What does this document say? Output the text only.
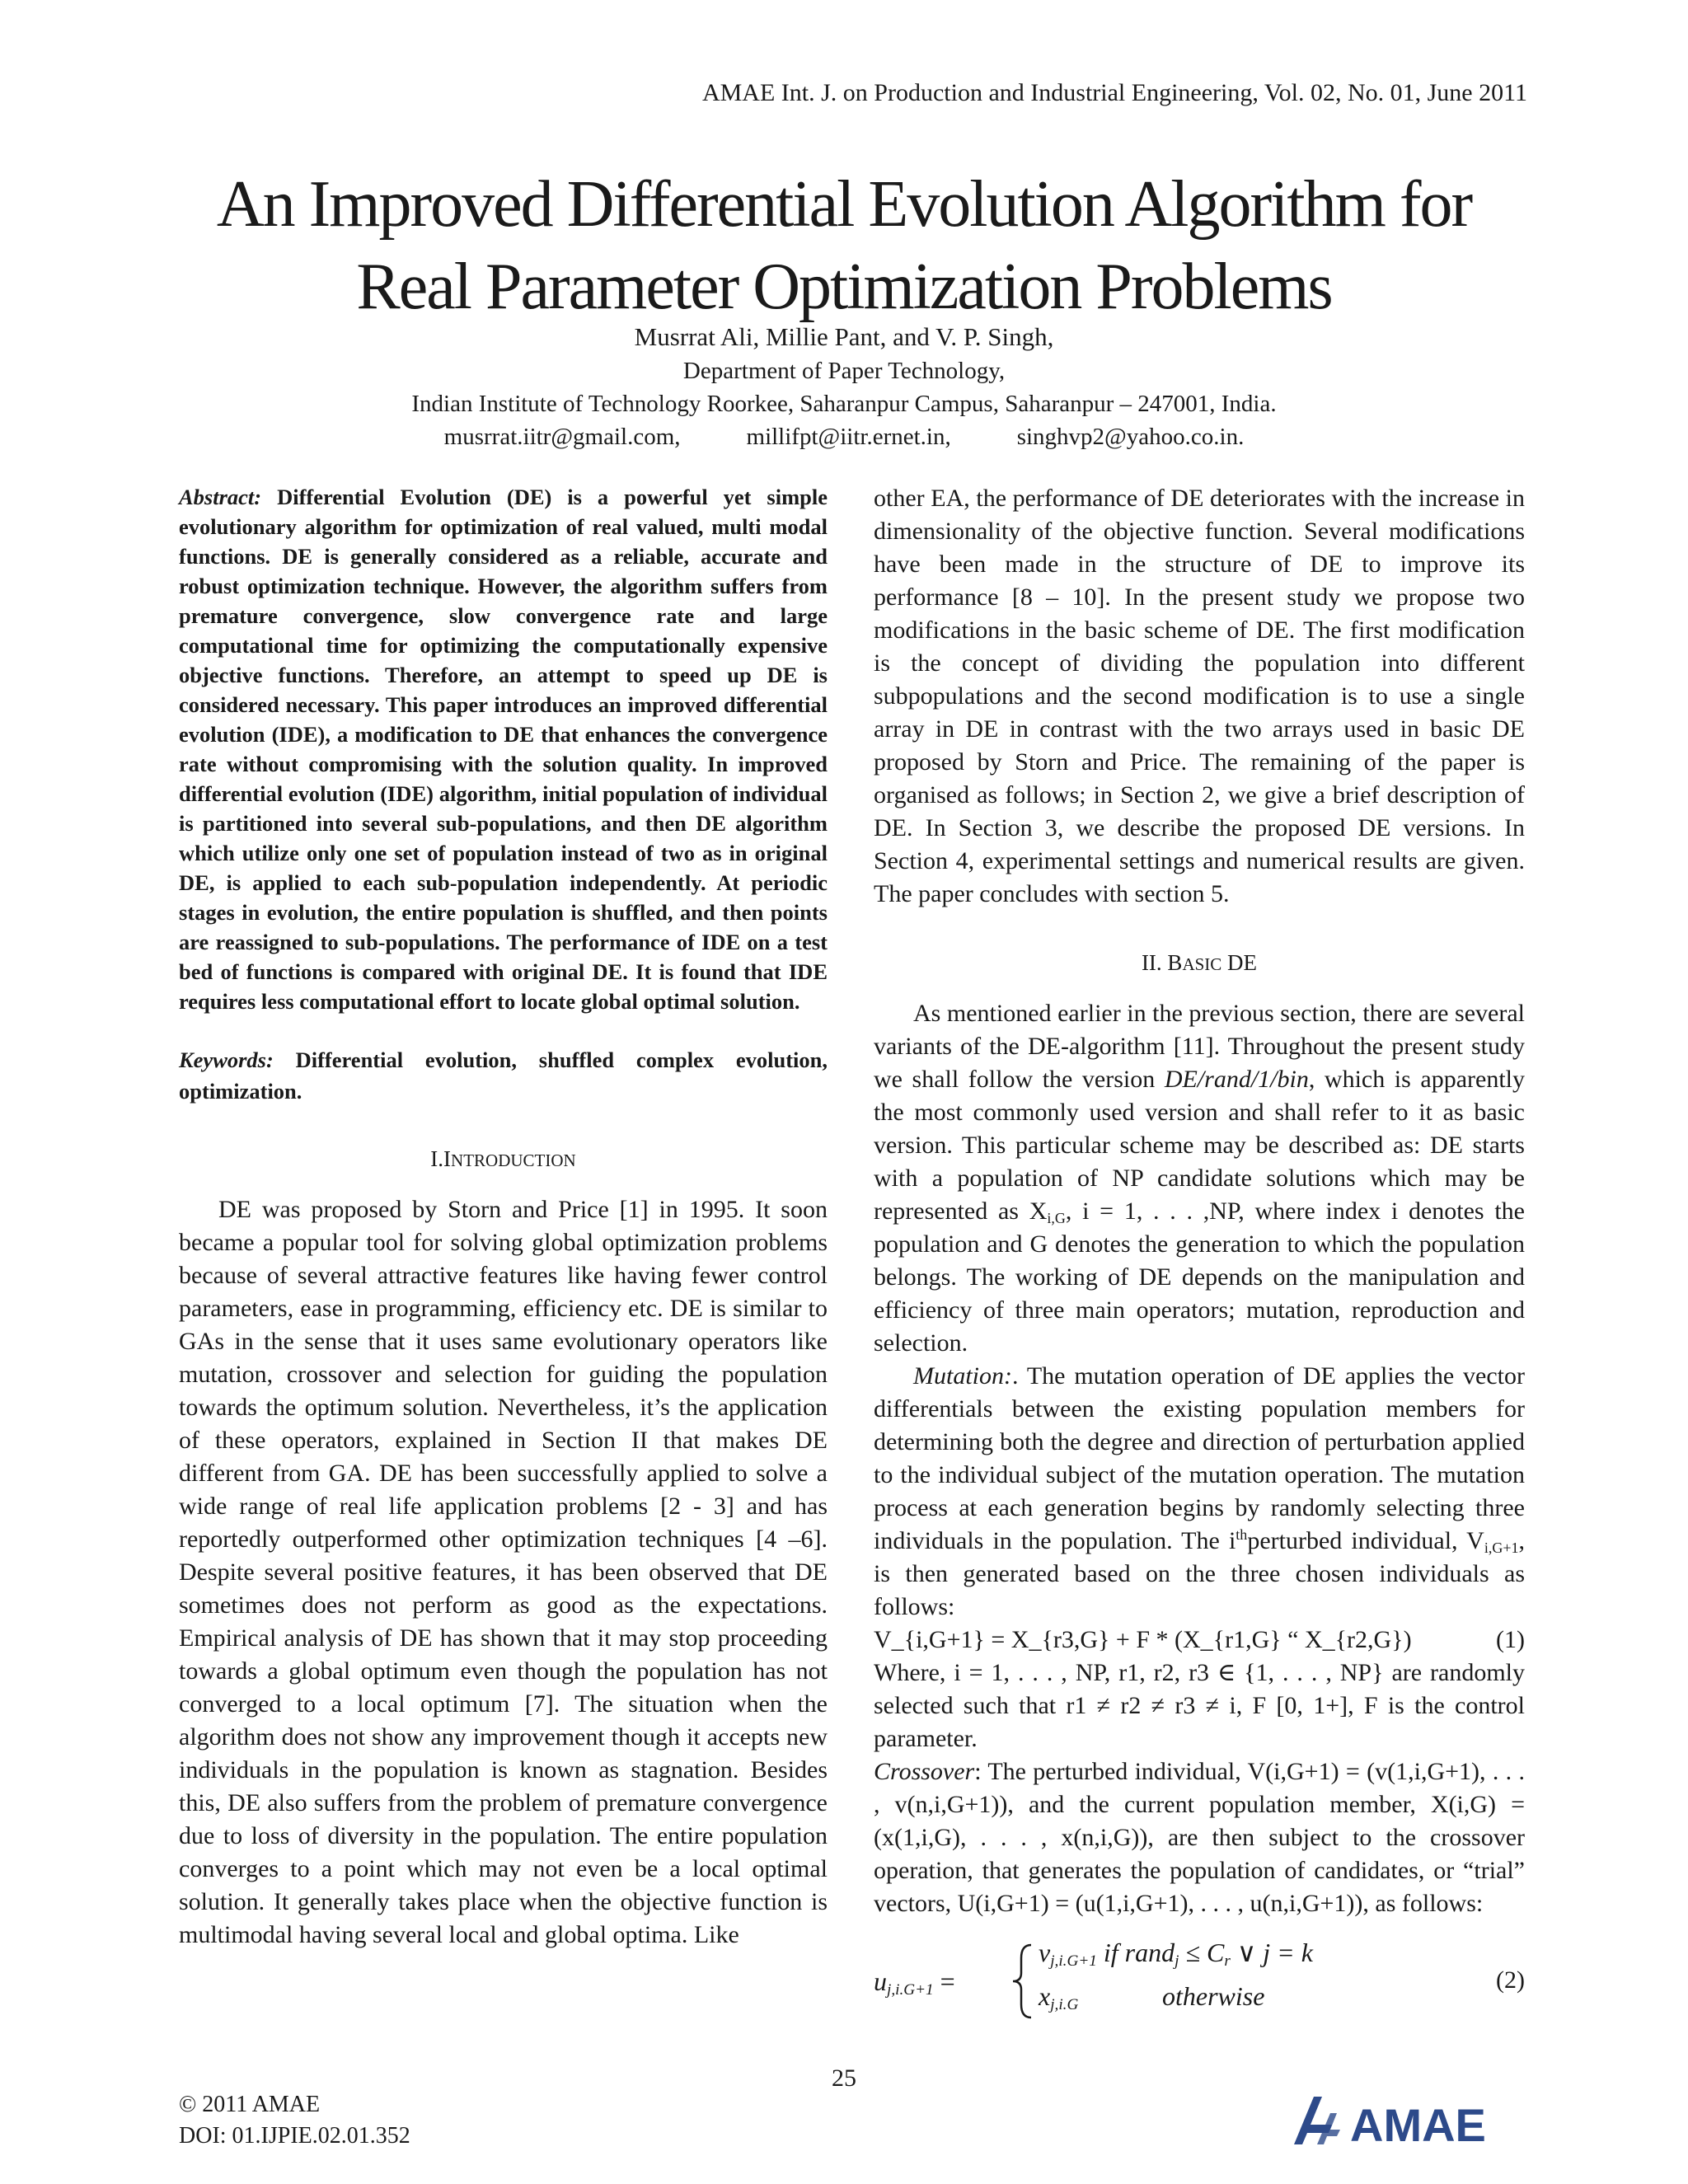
AMAE Int. J. on Production and Industrial Engineering, Vol. 02, No. 01, June 2011
An Improved Differential Evolution Algorithm for
Real Parameter Optimization Problems
Musrrat Ali, Millie Pant, and V. P. Singh,
Department of Paper Technology,
Indian Institute of Technology Roorkee, Saharanpur Campus, Saharanpur – 247001, India.
musrrat.iitr@gmail.com,	millifpt@iitr.ernet.in,	singhvp2@yahoo.co.in.

Abstract: Differential Evolution (DE) is a powerful yet simple evolutionary algorithm for optimization of real valued, multi modal functions. DE is generally considered as a reliable, accurate and robust optimization technique. However, the algorithm suffers from premature convergence, slow convergence rate and large computational time for optimizing the computationally expensive objective functions. Therefore, an attempt to speed up DE is considered necessary. This paper introduces an improved differential evolution (IDE), a modification to DE that enhances the convergence rate without compromising with the solution quality. In improved differential evolution (IDE) algorithm, initial population of individual is partitioned into several sub-populations, and then DE algorithm which utilize only one set of population instead of two as in original DE, is applied to each sub-population independently. At periodic stages in evolution, the entire population is shuffled, and then points are reassigned to sub-populations. The performance of IDE on a test bed of functions is compared with original DE. It is found that IDE requires less computational effort to locate global optimal solution.

Keywords: Differential evolution, shuffled complex evolution, optimization.
I.INTRODUCTION

DE was proposed by Storn and Price [1] in 1995. It soon became a popular tool for solving global optimization problems because of several attractive features like having fewer control parameters, ease in programming, efficiency etc. DE is similar to GAs in the sense that it uses same evolutionary operators like mutation, crossover and selection for guiding the population towards the optimum solution. Nevertheless, it’s the application of these operators, explained in Section II that makes DE different from GA. DE has been successfully applied to solve a wide range of real life application problems [2 - 3] and has reportedly outperformed other optimization techniques [4 –6]. Despite several positive features, it has been observed that DE sometimes does not perform as good as the expectations. Empirical analysis of DE has shown that it may stop proceeding towards a global optimum even though the population has not converged to a local optimum [7]. The situation when the algorithm does not show any improvement though it accepts new individuals in the population is known as stagnation. Besides this, DE also suffers from the problem of premature convergence due to loss of diversity in the population. The entire population converges to a point which may not even be a local optimal solution. It generally takes place when the objective function is multimodal having several local and global optima. Like

other EA, the performance of DE deteriorates with the increase in dimensionality of the objective function. Several modifications have been made in the structure of DE to improve its performance [8 – 10]. In the present study we propose two modifications in the basic scheme of DE. The first modification is the concept of dividing the population into different subpopulations and the second modification is to use a single array in DE in contrast with the two arrays used in basic DE proposed by Storn and Price. The remaining of the paper is organised as follows; in Section 2, we give a brief description of DE. In Section 3, we describe the proposed DE versions. In Section 4, experimental settings and numerical results are given. The paper concludes with section 5.

II. BASIC DE

As mentioned earlier in the previous section, there are several variants of the DE-algorithm [11]. Throughout the present study we shall follow the version DE/rand/1/bin, which is apparently the most commonly used version and shall refer to it as basic version. This particular scheme may be described as: DE starts with a population of NP candidate solutions which may be represented as $X_{i,G}$, i = 1, . . . ,NP, where index i denotes the population and G denotes the generation to which the population belongs. The working of DE depends on the manipulation and efficiency of three main operators; mutation, reproduction and selection.

Mutation:. The mutation operation of DE applies the vector differentials between the existing population members for determining both the degree and direction of perturbation applied to the individual subject of the mutation operation. The mutation process at each generation begins by randomly selecting three individuals in the population. The $i^{th}perturbed$ individual, $V_{i,G+1}$, is then generated based on the three chosen individuals as follows:

V_{i,G+1} = X_{r3,G} + F * (X_{r1,G} “ X_{r2,G})	(1)

Where, i = 1, . . . , NP, r1, r2, r3 ∈ {1, . . . , NP} are randomly selected such that r1 ≠ r2 ≠ r3 ≠ i, F [0, 1+], F is the control parameter.

Crossover: The perturbed individual, V(i,G+1) = (v(1,i,G+1), . . . , v(n,i,G+1)), and the current population member, X(i,G) = (x(1,i,G), . . . , x(n,i,G)), are then subject to the crossover operation, that generates the population of candidates, or “trial” vectors, U(i,G+1) = (u(1,i,G+1), . . . , u(n,i,G+1)), as follows:

$u_{j,i.G+1}$ =
$v_{j,i.G+1}$ if rand$_j$ ≤ $C_r$ ∨ j = k
$x_{j,i.G}$	otherwise
(2)
25
© 2011 AMAE
DOI: 01.IJPIE.02.01.352	AMAE
